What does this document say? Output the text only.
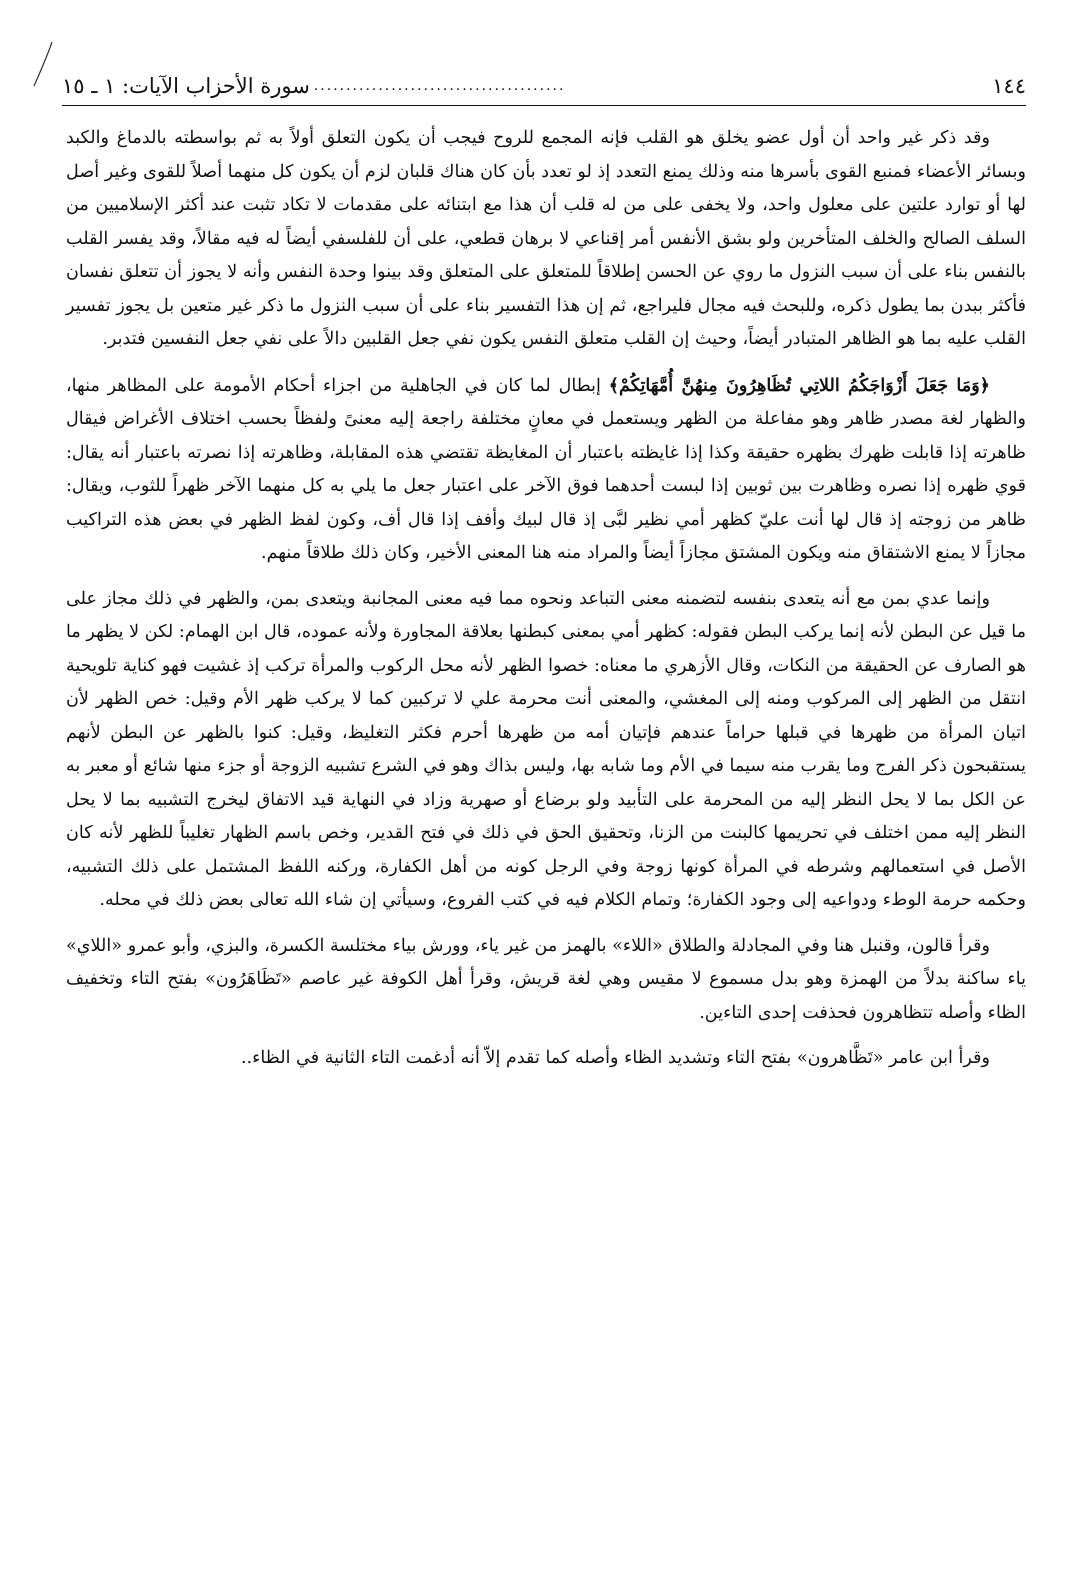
١٤٤
.......................................
سورة الأحزاب الآيات: ١ ـ ١٥

وقد ذكر غير واحد أن أول عضو يخلق هو القلب فإنه المجمع للروح فيجب أن يكون التعلق أولاً به ثم بواسطته بالدماغ والكبد وبسائر الأعضاء فمنبع القوى بأسرها منه وذلك يمنع التعدد إذ لو تعدد بأن كان هناك قلبان لزم أن يكون كل منهما أصلاً للقوى وغير أصل لها أو توارد علتين على معلول واحد، ولا يخفى على من له قلب أن هذا مع ابتنائه على مقدمات لا تكاد تثبت عند أكثر الإسلاميين من السلف الصالح والخلف المتأخرين ولو بشق الأنفس أمر إقناعي لا برهان قطعي، على أن للفلسفي أيضاً له فيه مقالاً، وقد يفسر القلب بالنفس بناء على أن سبب النزول ما روي عن الحسن إطلاقاً للمتعلق على المتعلق وقد بينوا وحدة النفس وأنه لا يجوز أن تتعلق نفسان فأكثر ببدن بما يطول ذكره، وللبحث فيه مجال فليراجع، ثم إن هذا التفسير بناء على أن سبب النزول ما ذكر غير متعين بل يجوز تفسير القلب عليه بما هو الظاهر المتبادر أيضاً، وحيث إن القلب متعلق النفس يكون نفي جعل القلبين دالاً على نفي جعل النفسين فتدبر.

﴿وَمَا جَعَلَ أَزْوَاجَكُمُ اللاتِي تُظَاهِرُونَ مِنهُنَّ أُمَّهَاتِكُمْ﴾ إبطال لما كان في الجاهلية من اجزاء أحكام الأمومة على المظاهر منها، والظهار لغة مصدر ظاهر وهو مفاعلة من الظهر ويستعمل في معانٍ مختلفة راجعة إليه معنىً ولفظاً بحسب اختلاف الأغراض فيقال ظاهرته إذا قابلت ظهرك بظهره حقيقة وكذا إذا غايظته باعتبار أن المغايظة تقتضي هذه المقابلة، وظاهرته إذا نصرته باعتبار أنه يقال: قوي ظهره إذا نصره وظاهرت بين ثوبين إذا لبست أحدهما فوق الآخر على اعتبار جعل ما يلي به كل منهما الآخر ظهراً للثوب، ويقال: ظاهر من زوجته إذ قال لها أنت عليّ كظهر أمي نظير لبَّى إذ قال لبيك وأفف إذا قال أف، وكون لفظ الظهر في بعض هذه التراكيب مجازاً لا يمنع الاشتقاق منه ويكون المشتق مجازاً أيضاً والمراد منه هنا المعنى الأخير، وكان ذلك طلاقاً منهم.

وإنما عدي بمن مع أنه يتعدى بنفسه لتضمنه معنى التباعد ونحوه مما فيه معنى المجانبة ويتعدى بمن، والظهر في ذلك مجاز على ما قيل عن البطن لأنه إنما يركب البطن فقوله: كظهر أمي بمعنى كبطنها بعلاقة المجاورة ولأنه عموده، قال ابن الهمام: لكن لا يظهر ما هو الصارف عن الحقيقة من النكات، وقال الأزهري ما معناه: خصوا الظهر لأنه محل الركوب والمرأة تركب إذ غشيت فهو كناية تلويحية انتقل من الظهر إلى المركوب ومنه إلى المغشي، والمعنى أنت محرمة علي لا تركبين كما لا يركب ظهر الأم وقيل: خص الظهر لأن اتيان المرأة من ظهرها في قبلها حراماً عندهم فإتيان أمه من ظهرها أحرم فكثر التغليظ، وقيل: كنوا بالظهر عن البطن لأنهم يستقبحون ذكر الفرج وما يقرب منه سيما في الأم وما شابه بها، وليس بذاك وهو في الشرع تشبيه الزوجة أو جزء منها شائع أو معبر به عن الكل بما لا يحل النظر إليه من المحرمة على التأبيد ولو برضاع أو صهرية وزاد في النهاية قيد الاتفاق ليخرج التشبيه بما لا يحل النظر إليه ممن اختلف في تحريمها كالبنت من الزنا، وتحقيق الحق في ذلك في فتح القدير، وخص باسم الظهار تغليباً للظهر لأنه كان الأصل في استعمالهم وشرطه في المرأة كونها زوجة وفي الرجل كونه من أهل الكفارة، وركنه اللفظ المشتمل على ذلك التشبيه، وحكمه حرمة الوطء ودواعيه إلى وجود الكفارة؛ وتمام الكلام فيه في كتب الفروع، وسيأتي إن شاء الله تعالى بعض ذلك في محله.

وقرأ قالون، وقنبل هنا وفي المجادلة والطلاق «اللاء» بالهمز من غير ياء، وورش بياء مختلسة الكسرة، والبزي، وأبو عمرو «اللاي» ياء ساكنة بدلاً من الهمزة وهو بدل مسموع لا مقيس وهي لغة قريش، وقرأ أهل الكوفة غير عاصم «تَظَاهَرُون» بفتح التاء وتخفيف الظاء وأصله تتظاهرون فحذفت إحدى التاءين.

وقرأ ابن عامر «تَظَّاهرون» بفتح التاء وتشديد الظاء وأصله كما تقدم إلاّ أنه أدغمت التاء الثانية في الظاء..
